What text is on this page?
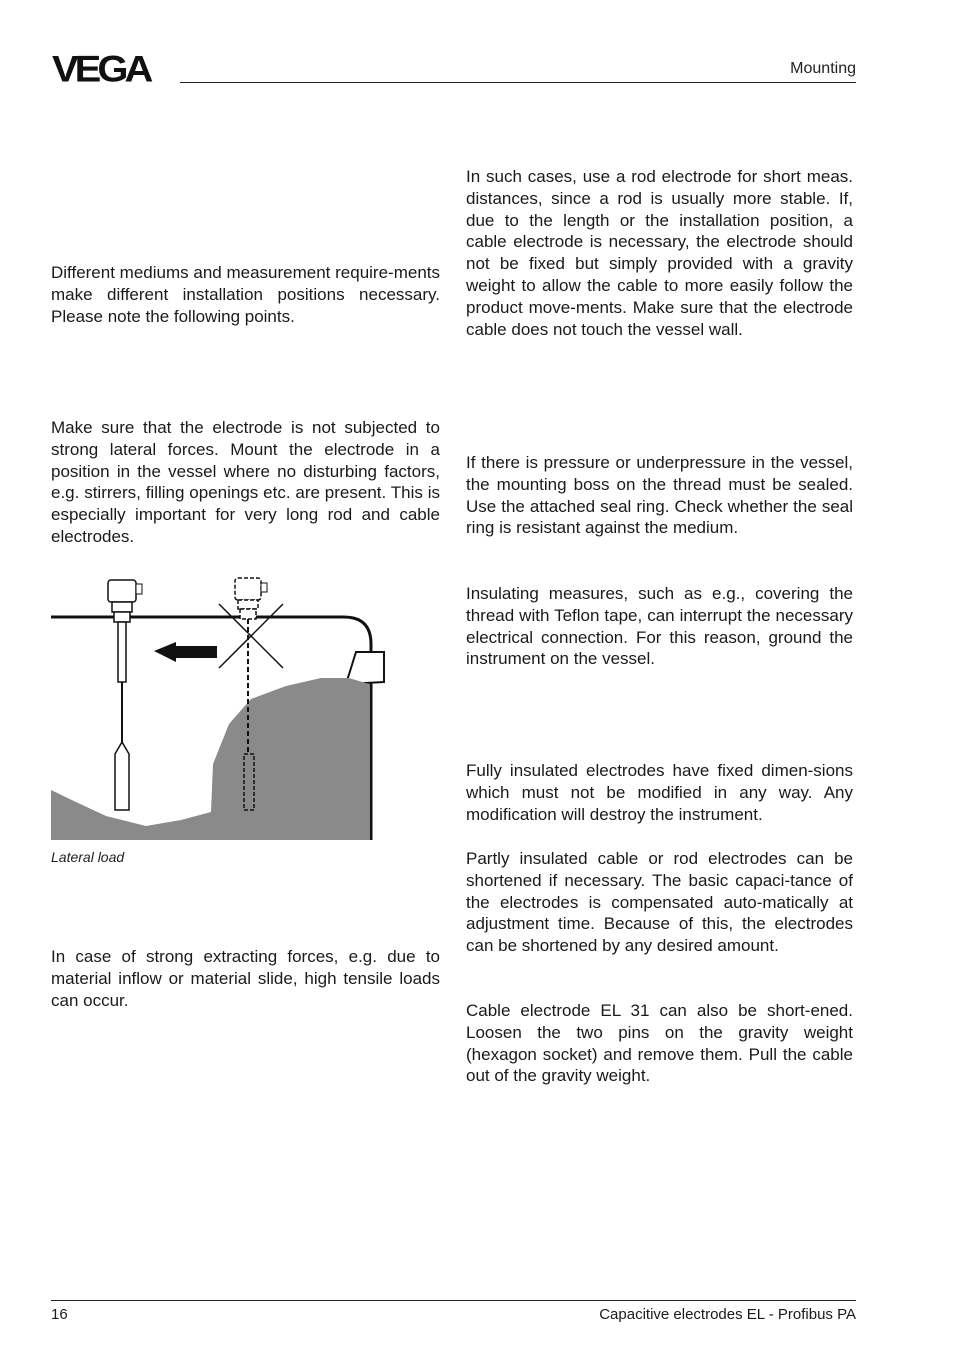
VEGA	Mounting

Different mediums and measurement require-ments make different installation positions necessary. Please note the following points.

Make sure that the electrode is not subjected to strong lateral forces. Mount the electrode in a position in the vessel where no disturbing factors, e.g. stirrers, filling openings etc. are present. This is especially important for very long rod and cable electrodes.

Lateral load

In case of strong extracting forces, e.g. due to material inflow or material slide, high tensile loads can occur.

In such cases, use a rod electrode for short meas. distances, since a rod is usually more stable. If, due to the length or the installation position, a cable electrode is necessary, the electrode should not be fixed but simply provided with a gravity weight to allow the cable to more easily follow the product move-ments. Make sure that the electrode cable does not touch the vessel wall.

If there is pressure or underpressure in the vessel, the mounting boss on the thread must be sealed. Use the attached seal ring. Check whether the seal ring is resistant against the medium.

Insulating measures, such as e.g., covering the thread with Teflon tape, can interrupt the necessary electrical connection. For this reason, ground the instrument on the vessel.

Fully insulated electrodes have fixed dimen-sions which must not be modified in any way. Any modification will destroy the instrument.

Partly insulated cable or rod electrodes can be shortened if necessary. The basic capaci-tance of the electrodes is compensated auto-matically at adjustment time. Because of this, the electrodes can be shortened by any desired amount.

Cable electrode EL 31 can also be short-ened. Loosen the two pins on the gravity weight (hexagon socket) and remove them. Pull the cable out of the gravity weight.

16	Capacitive electrodes EL - Profibus PA
